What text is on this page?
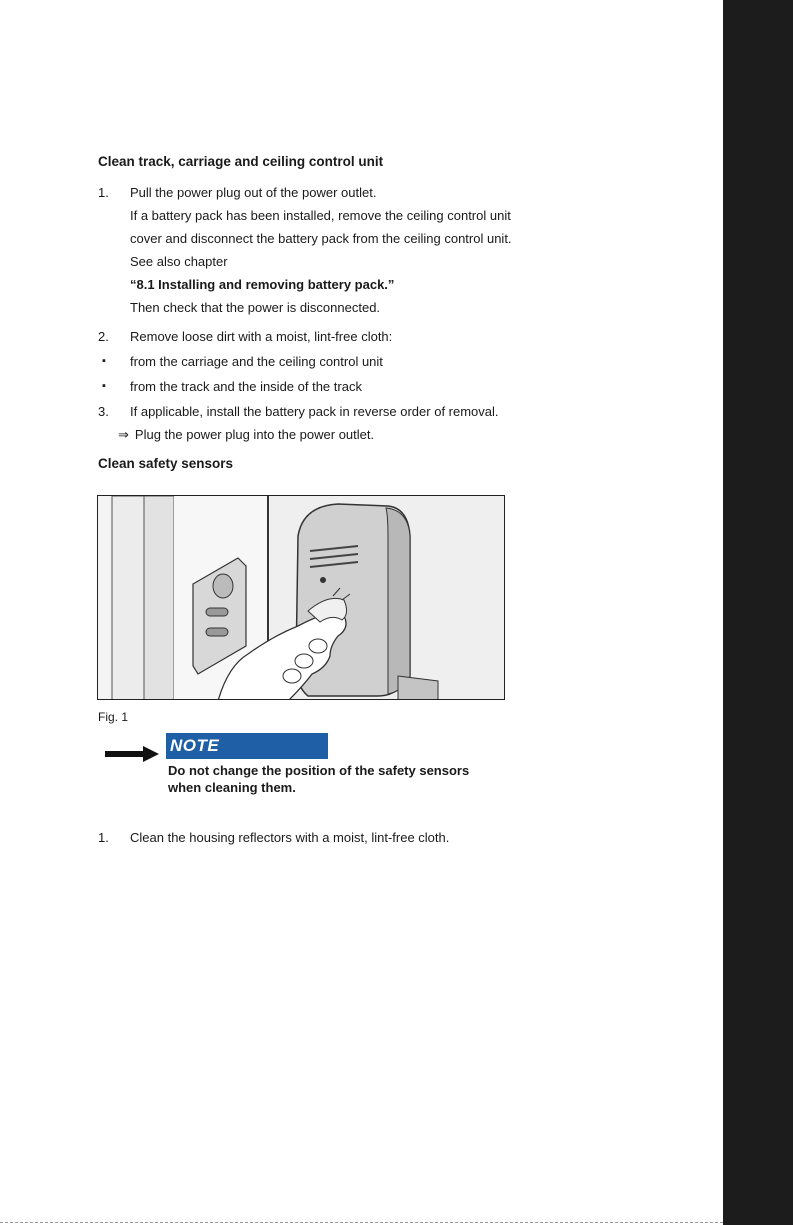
Clean track, carriage and ceiling control unit
1. Pull the power plug out of the power outlet.

If a battery pack has been installed, remove the ceiling control unit cover and disconnect the battery pack from the ceiling control unit. See also chapter

“8.1 Installing and removing battery pack.”

Then check that the power is disconnected.

2. Remove loose dirt with a moist, lint-free cloth:

▪ from the carriage and the ceiling control unit
▪ from the track and the inside of the track
3. If applicable, install the battery pack in reverse order of removal.

⇒ Plug the power plug into the power outlet.
Clean safety sensors
Fig. 1
NOTE

Do not change the position of the safety sensors when cleaning them.

1. Clean the housing reflectors with a moist, lint-free cloth.
